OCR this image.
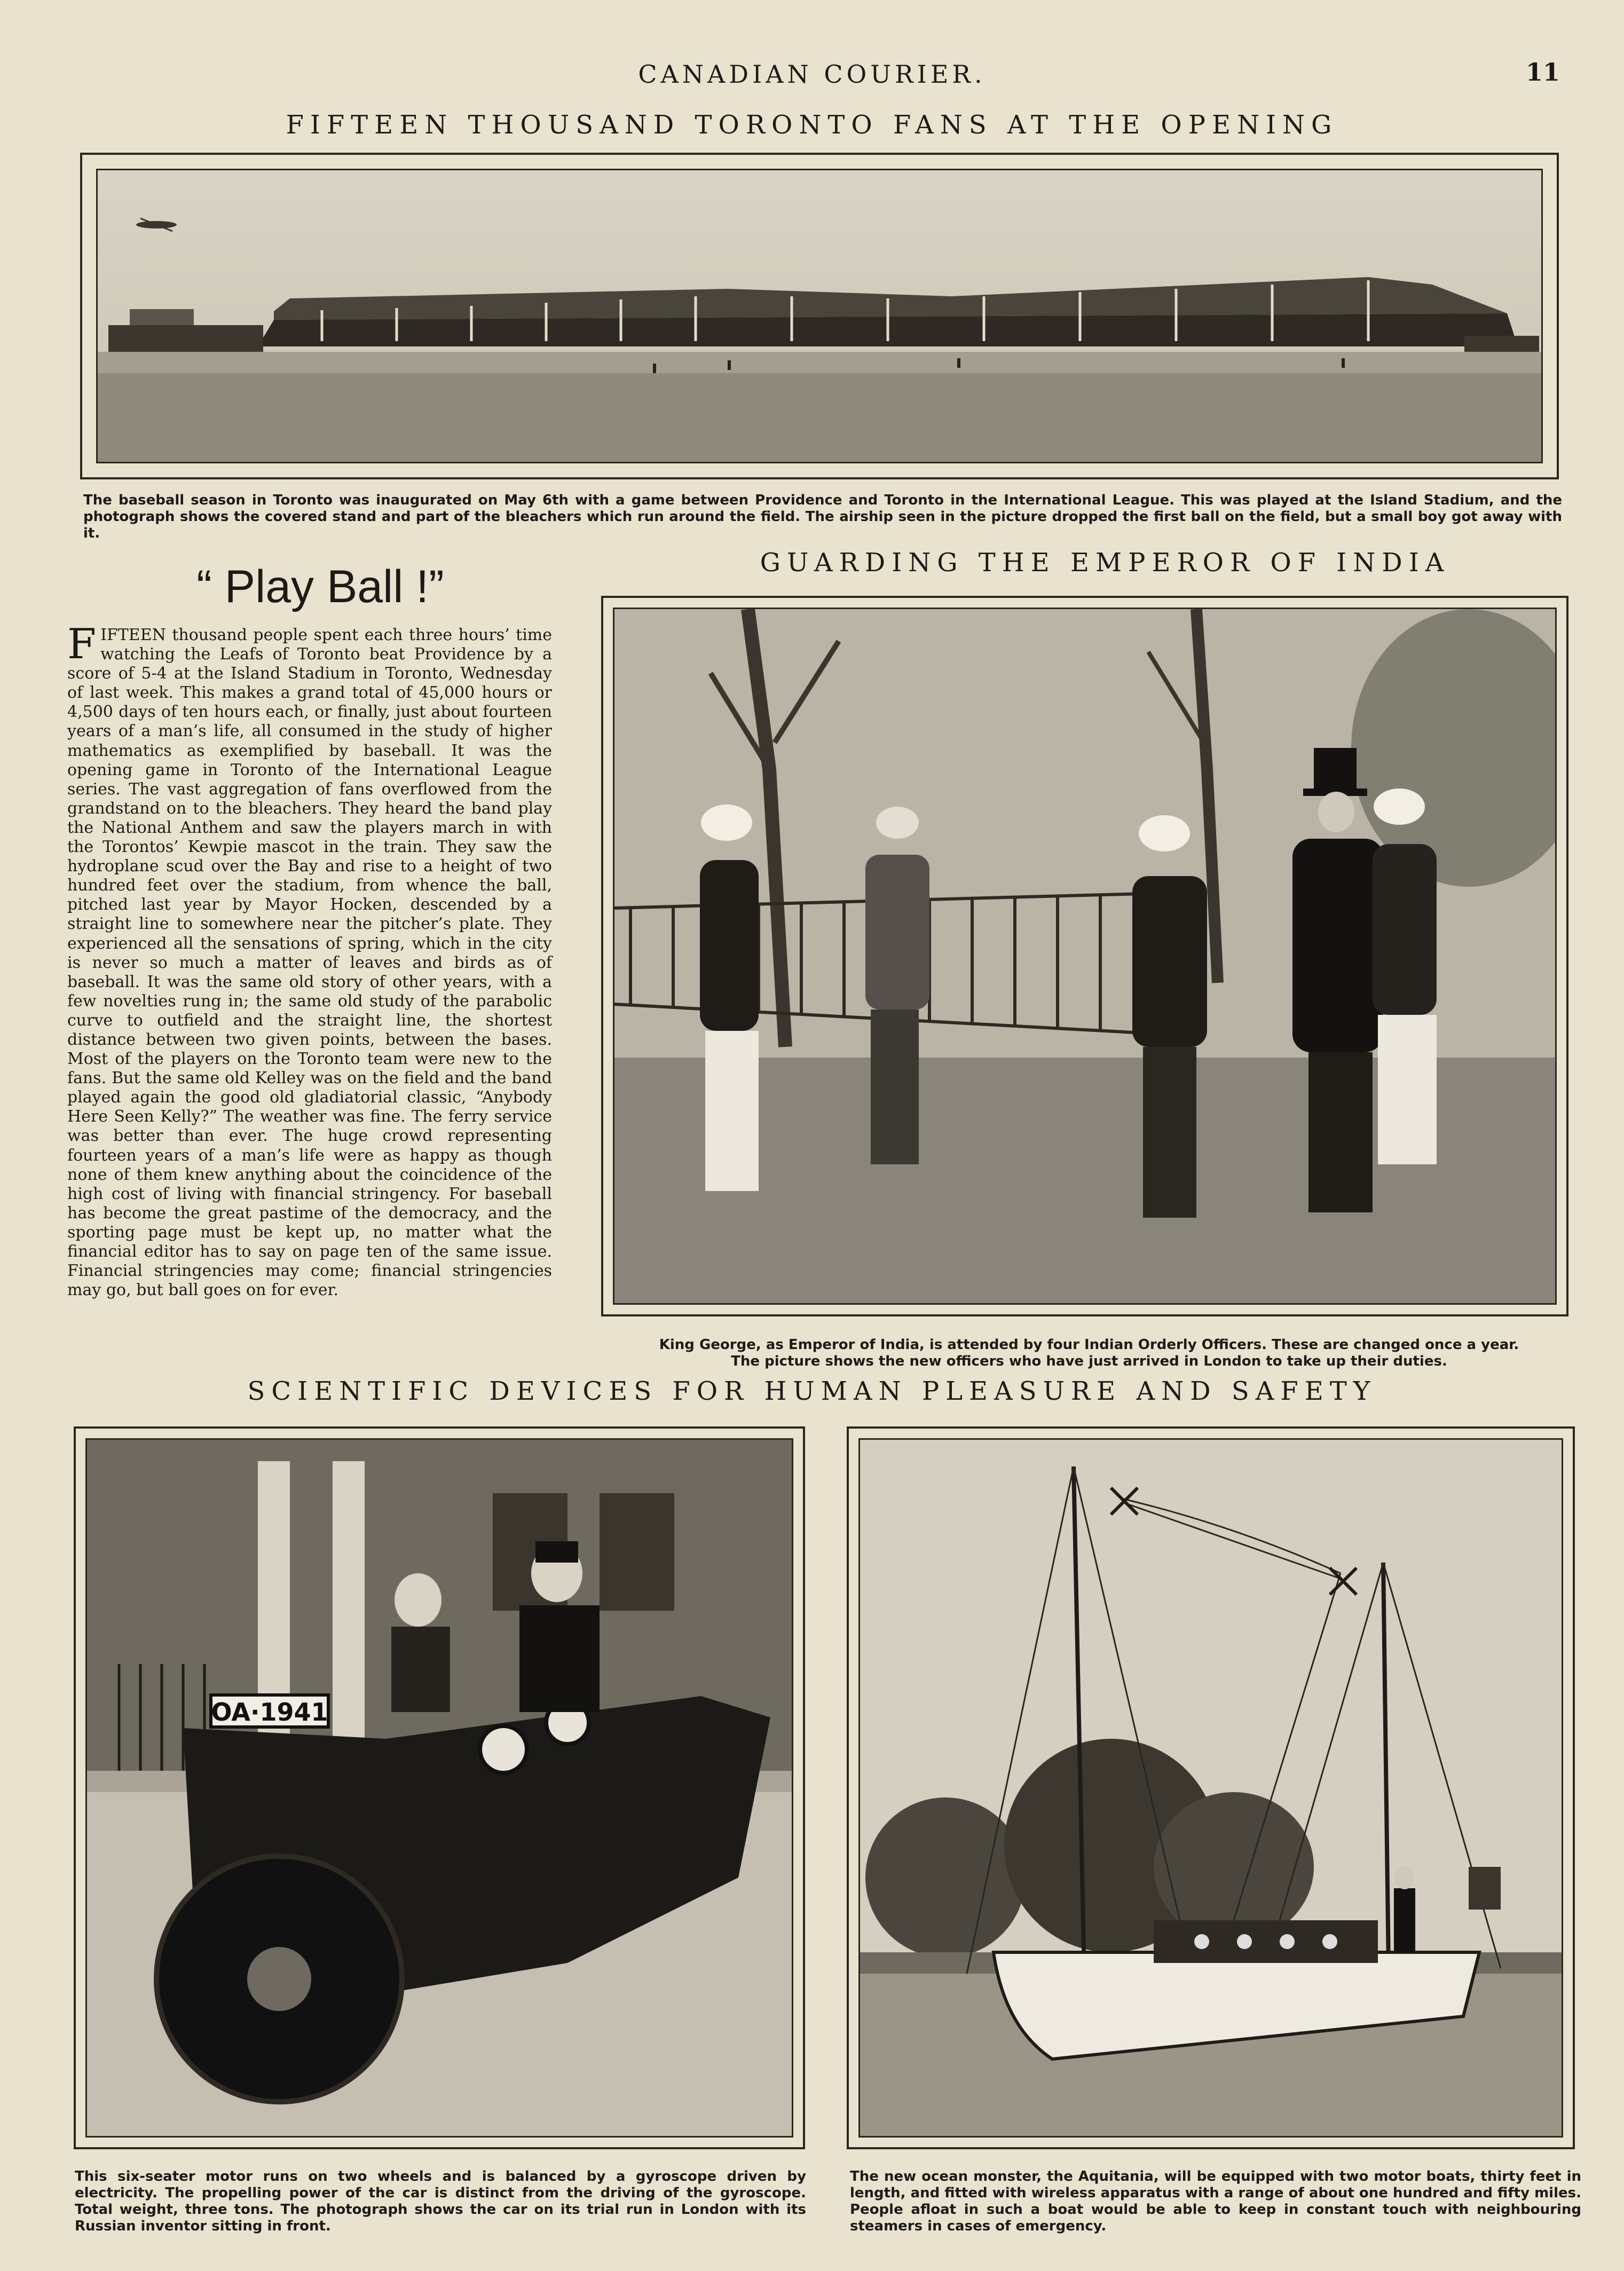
CANADIAN COURIER.	11
FIFTEEN THOUSAND TORONTO FANS AT THE OPENING
The baseball season in Toronto was inaugurated on May 6th with a game between Providence and Toronto in the International League. This was played at the Island Stadium, and the photograph shows the covered stand and part of the bleachers which run around the field. The airship seen in the picture dropped the first ball on the field, but a small boy got away with it.
“ Play Ball !”
FIFTEEN thousand people spent each three hours’ time watching the Leafs of Toronto beat Providence by a score of 5-4 at the Island Stadium in Toronto, Wednesday of last week. This makes a grand total of 45,000 hours or 4,500 days of ten hours each, or finally, just about fourteen years of a man’s life, all consumed in the study of higher mathematics as exemplified by baseball. It was the opening game in Toronto of the International League series. The vast aggregation of fans overflowed from the grandstand on to the bleachers. They heard the band play the National Anthem and saw the players march in with the Torontos’ Kewpie mascot in the train. They saw the hydroplane scud over the Bay and rise to a height of two hundred feet over the stadium, from whence the ball, pitched last year by Mayor Hocken, descended by a straight line to somewhere near the pitcher’s plate. They experienced all the sensations of spring, which in the city is never so much a matter of leaves and birds as of baseball. It was the same old story of other years, with a few novelties rung in; the same old study of the parabolic curve to outfield and the straight line, the shortest distance between two given points, between the bases. Most of the players on the Toronto team were new to the fans. But the same old Kelley was on the field and the band played again the good old gladiatorial classic, “Anybody Here Seen Kelly?” The weather was fine. The ferry service was better than ever. The huge crowd representing fourteen years of a man’s life were as happy as though none of them knew anything about the coincidence of the high cost of living with financial stringency. For baseball has become the great pastime of the democracy, and the sporting page must be kept up, no matter what the financial editor has to say on page ten of the same issue. Financial stringencies may come; financial stringencies may go, but ball goes on for ever.
GUARDING THE EMPEROR OF INDIA
King George, as Emperor of India, is attended by four Indian Orderly Officers. These are changed once a year.
The picture shows the new officers who have just arrived in London to take up their duties.
SCIENTIFIC DEVICES FOR HUMAN PLEASURE AND SAFETY
OA·1941
This six-seater motor runs on two wheels and is balanced by a gyroscope driven by electricity. The propelling power of the car is distinct from the driving of the gyroscope. Total weight, three tons. The photograph shows the car on its trial run in London with its Russian inventor sitting in front.
The new ocean monster, the Aquitania, will be equipped with two motor boats, thirty feet in length, and fitted with wireless apparatus with a range of about one hundred and fifty miles. People afloat in such a boat would be able to keep in constant touch with neighbouring steamers in cases of emergency.
